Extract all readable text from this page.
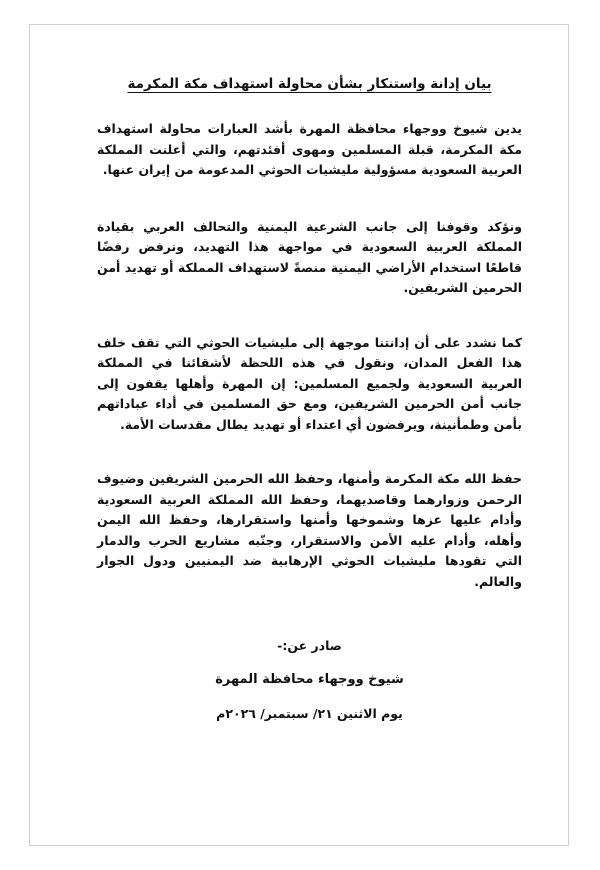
بيان إدانة واستنكار بشأن محاولة استهداف مكة المكرمة

يدين شيوخ ووجهاء محافظة المهرة بأشد العبارات محاولة استهداف مكة المكرمة، قبلة المسلمين ومهوى أفئدتهم، والتي أعلنت المملكة العربية السعودية مسؤولية مليشيات الحوثي المدعومة من إيران عنها.

ونؤكد وقوفنا إلى جانب الشرعية اليمنية والتحالف العربي بقيادة المملكة العربية السعودية في مواجهة هذا التهديد، ونرفض رفضًا قاطعًا استخدام الأراضي اليمنية منصةً لاستهداف المملكة أو تهديد أمن الحرمين الشريفين.

كما نشدد على أن إدانتنا موجهة إلى مليشيات الحوثي التي تقف خلف هذا الفعل المدان، ونقول في هذه اللحظة لأشقائنا في المملكة العربية السعودية ولجميع المسلمين: إن المهرة وأهلها يقفون إلى جانب أمن الحرمين الشريفين، ومع حق المسلمين في أداء عباداتهم بأمن وطمأنينة، ويرفضون أي اعتداء أو تهديد يطال مقدسات الأمة.

حفظ الله مكة المكرمة وأمنها، وحفظ الله الحرمين الشريفين وضيوف الرحمن وزوارهما وقاصديهما، وحفظ الله المملكة العربية السعودية وأدام عليها عزها وشموخها وأمنها واستقرارها، وحفظ الله اليمن وأهله، وأدام عليه الأمن والاستقرار، وجنّبه مشاريع الحرب والدمار التي تقودها مليشيات الحوثي الإرهابية ضد اليمنيين ودول الجوار والعالم.

صادر عن:-
شيوخ ووجهاء محافظة المهرة
يوم الاثنين ٢١/ سبتمبر/ ٢٠٢٦م
